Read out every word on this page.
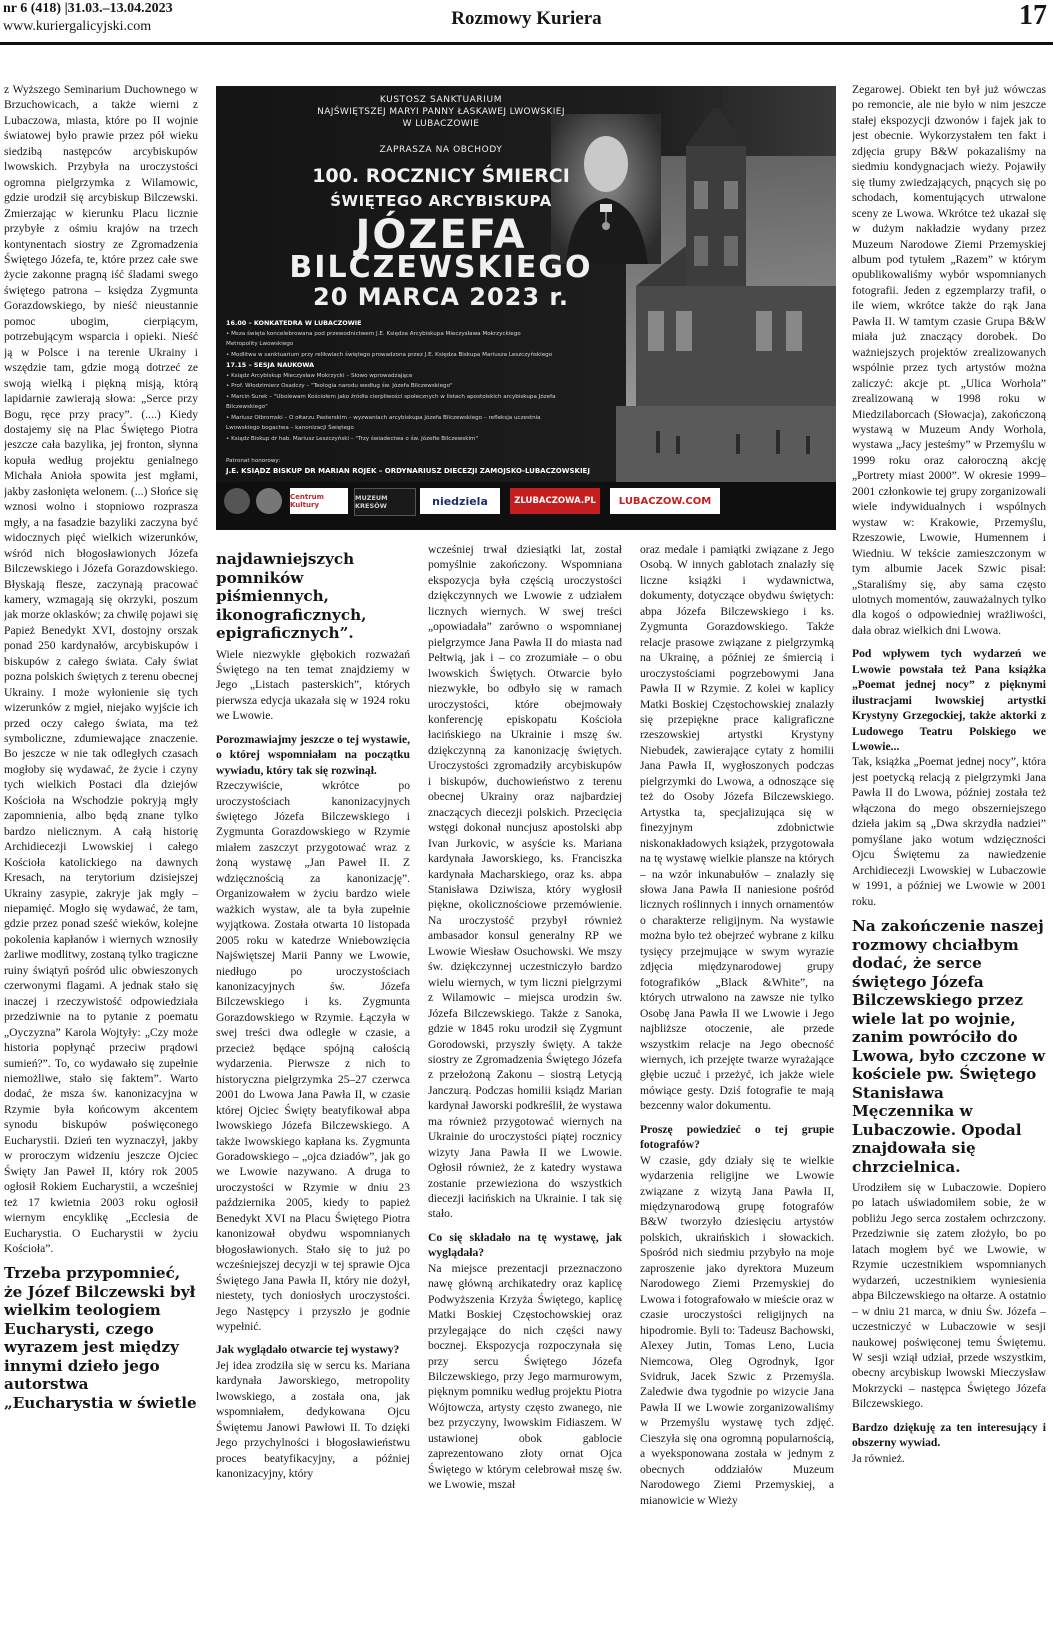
nr 6 (418) |31.03.–13.04.2023
www.kuriergalicyjski.com	Rozmowy Kuriera	17
KUSTOSZ SANKTUARIUM
NAJŚWIĘTSZEJ MARYI PANNY ŁASKAWEJ LWOWSKIEJ
W LUBACZOWIE
ZAPRASZA NA OBCHODY
100. ROCZNICY ŚMIERCI
ŚWIĘTEGO ARCYBISKUPA
JÓZEFA
BILCZEWSKIEGO
20 MARCA 2023 r.
16.00 – KONKATEDRA W LUBACZOWIE
• Msza święta koncelebrowana pod przewodnictwem J.E. Księdza Arcybiskupa Mieczysława Mokrzyckiego
Metropolity Lwowskiego
• Modlitwa w sanktuarium przy relikwiach świętego prowadzona przez J.E. Księdza Biskupa Mariusza Leszczyńskiego
17.15 – SESJA NAUKOWA
• Ksiądz Arcybiskup Mieczysław Mokrzycki – Słowo wprowadzające
• Prof. Włodzimierz Osadczy – "Teologia narodu według św. Józefa Bilczewskiego"
• Marcin Surek – "Ubolewam Kościołem jako źródła cierpliwości społecznych w listach apostolskich arcybiskupa Józefa
Bilczewskiego"
• Mariusz Olbromski – O ołtarzu Pasterskim – wyzwaniach arcybiskupa Józefa Bilczewskiego – refleksja uczestnia
Lwowskiego bogactwa – kanonizacji Świętego
• Ksiądz Biskup dr hab. Mariusz Leszczyński – "Trzy świadectwa o św. Józefie Bilczewskim"
Patronat honorowy:
J.E. KSIĄDZ BISKUP DR MARIAN ROJEK – ORDYNARIUSZ DIECEZJI ZAMOJSKO-LUBACZOWSKIEJ
Centrum Kultury
MUZEUM KRESÓW	niedziela	ZLUBACZOWA.PL	LUBACZOW.COM

z Wyższego Seminarium Duchownego w Brzuchowicach, a także wierni z Lubaczowa, miasta, które po II wojnie światowej było prawie przez pół wieku siedzibą następców arcybiskupów lwowskich. Przybyła na uroczystości ogromna pielgrzymka z Wilamowic, gdzie urodził się arcybiskup Bilczewski. Zmierzając w kierunku Placu licznie przybyłe z ośmiu krajów na trzech kontynentach siostry ze Zgromadzenia Świętego Józefa, te, które przez całe swe życie zakonne pragną iść śladami swego świętego patrona – księdza Zygmunta Gorazdowskiego, by nieść nieustannie pomoc ubogim, cierpiącym, potrzebującym wsparcia i opieki. Nieść ją w Polsce i na terenie Ukrainy i wszędzie tam, gdzie mogą dotrzeć ze swoją wielką i piękną misją, którą lapidarnie zawierają słowa: „Serce przy Bogu, ręce przy pracy”. (....) Kiedy dostajemy się na Plac Świętego Piotra jeszcze cała bazylika, jej fronton, słynna kopuła według projektu genialnego Michała Anioła spowita jest mgłami, jakby zasłonięta welonem. (...) Słońce się wznosi wolno i stopniowo rozprasza mgły, a na fasadzie bazyliki zaczyna być widocznych pięć wielkich wizerunków, wśród nich błogosławionych Józefa Bilczewskiego i Józefa Gorazdowskiego. Błyskają flesze, zaczynają pracować kamery, wzmagają się okrzyki, poszum jak morze oklasków; za chwilę pojawi się Papież Benedykt XVI, dostojny orszak ponad 250 kardynałów, arcybiskupów i biskupów z całego świata. Cały świat pozna polskich świętych z terenu obecnej Ukrainy. I może wyłonienie się tych wizerunków z mgieł, niejako wyjście ich przed oczy całego świata, ma też symboliczne, zdumiewające znaczenie. Bo jeszcze w nie tak odległych czasach mogłoby się wydawać, że życie i czyny tych wielkich Postaci dla dziejów Kościoła na Wschodzie pokryją mgły zapomnienia, albo będą znane tylko bardzo nielicznym. A całą historię Archidiecezji Lwowskiej i całego Kościoła katolickiego na dawnych Kresach, na terytorium dzisiejszej Ukrainy zasypie, zakryje jak mgły – niepamięć. Mogło się wydawać, że tam, gdzie przez ponad sześć wieków, kolejne pokolenia kapłanów i wiernych wznosiły żarliwe modlitwy, zostaną tylko tragiczne ruiny świątyń pośród ulic obwieszonych czerwonymi flagami. A jednak stało się inaczej i rzeczywistość odpowiedziała przedziwnie na to pytanie z poematu „Oyczyzna” Karola Wojtyły: „Czy może historia popłynąć przeciw prądowi sumień?”. To, co wydawało się zupełnie niemożliwe, stało się faktem”. Warto dodać, że msza św. kanonizacyjna w Rzymie była końcowym akcentem synodu biskupów poświęconego Eucharystii. Dzień ten wyznaczył, jakby w proroczym widzeniu jeszcze Ojciec Święty Jan Paweł II, który rok 2005 ogłosił Rokiem Eucharystii, a wcześniej też 17 kwietnia 2003 roku ogłosił wiernym encyklikę „Ecclesia de Eucharystia. O Eucharystii w życiu Kościoła”.

Trzeba przypomnieć, że Józef Bilczewski był wielkim teologiem Eucharysti, czego wyrazem jest między innymi dzieło jego autorstwa „Eucharystia w świetle

najdawniejszych pomników piśmiennych, ikonograficznych, epigraficznych”.

Wiele niezwykle głębokich rozważań Świętego na ten temat znajdziemy w Jego „Listach pasterskich”, których pierwsza edycja ukazała się w 1924 roku we Lwowie.

Porozmawiajmy jeszcze o tej wystawie, o której wspomniałam na początku wywiadu, który tak się rozwinął.

Rzeczywiście, wkrótce po uroczystościach kanonizacyjnych świętego Józefa Bilczewskiego i Zygmunta Gorazdowskiego w Rzymie miałem zaszczyt przygotować wraz z żoną wystawę „Jan Paweł II. Z wdzięcznością za kanonizację”. Organizowałem w życiu bardzo wiele ważkich wystaw, ale ta była zupełnie wyjątkowa. Została otwarta 10 listopada 2005 roku w katedrze Wniebowzięcia Najświętszej Marii Panny we Lwowie, niedługo po uroczystościach kanonizacyjnych św. Józefa Bilczewskiego i ks. Zygmunta Gorazdowskiego w Rzymie. Łączyła w swej treści dwa odległe w czasie, a przecież będące spójną całością wydarzenia. Pierwsze z nich to historyczna pielgrzymka 25–27 czerwca 2001 do Lwowa Jana Pawła II, w czasie której Ojciec Święty beatyfikował abpa lwowskiego Józefa Bilczewskiego. A także lwowskiego kapłana ks. Zygmunta Goradowskiego – „ojca dziadów”, jak go we Lwowie nazywano. A druga to uroczystości w Rzymie w dniu 23 października 2005, kiedy to papież Benedykt XVI na Placu Świętego Piotra kanonizował obydwu wspomnianych błogosławionych. Stało się to już po wcześniejszej decyzji w tej sprawie Ojca Świętego Jana Pawła II, który nie dożył, niestety, tych doniosłych uroczystości. Jego Następcy i przyszło je godnie wypełnić.

Jak wyglądało otwarcie tej wystawy?

Jej idea zrodziła się w sercu ks. Mariana kardynała Jaworskiego, metropolity lwowskiego, a została ona, jak wspomniałem, dedykowana Ojcu Świętemu Janowi Pawłowi II. To dzięki Jego przychylności i błogosławieństwu proces beatyfikacyjny, a później kanonizacyjny, który

wcześniej trwał dziesiątki lat, został pomyślnie zakończony. Wspomniana ekspozycja była częścią uroczystości dziękczynnych we Lwowie z udziałem licznych wiernych. W swej treści „opowiadała” zarówno o wspomnianej pielgrzymce Jana Pawła II do miasta nad Pełtwią, jak i – co zrozumiałe – o obu lwowskich Świętych. Otwarcie było niezwykłe, bo odbyło się w ramach uroczystości, które obejmowały konferencję episkopatu Kościoła łacińskiego na Ukrainie i mszę św. dziękczynną za kanonizację świętych. Uroczystości zgromadziły arcybiskupów i biskupów, duchowieństwo z terenu obecnej Ukrainy oraz najbardziej znaczących diecezji polskich. Przecięcia wstęgi dokonał nuncjusz apostolski abp Ivan Jurkovic, w asyście ks. Mariana kardynała Jaworskiego, ks. Franciszka kardynała Macharskiego, oraz ks. abpa Stanisława Dziwisza, który wygłosił piękne, okolicznościowe przemówienie. Na uroczystość przybył również ambasador konsul generalny RP we Lwowie Wiesław Osuchowski. We mszy św. dziękczynnej uczestniczyło bardzo wielu wiernych, w tym liczni pielgrzymi z Wilamowic – miejsca urodzin św. Józefa Bilczewskiego. Także z Sanoka, gdzie w 1845 roku urodził się Zygmunt Gorodowski, przyszły święty. A także siostry ze Zgromadzenia Świętego Józefa z przełożoną Zakonu – siostrą Letycją Janczurą. Podczas homilii ksiądz Marian kardynał Jaworski podkreślił, że wystawa ma również przygotować wiernych na Ukrainie do uroczystości piątej rocznicy wizyty Jana Pawła II we Lwowie. Ogłosił również, że z katedry wystawa zostanie przewieziona do wszystkich diecezji łacińskich na Ukrainie. I tak się stało.

Co się składało na tę wystawę, jak wyglądała?

Na miejsce prezentacji przeznaczono nawę główną archikatedry oraz kaplicę Podwyższenia Krzyża Świętego, kaplicę Matki Boskiej Częstochowskiej oraz przylegające do nich części nawy bocznej. Ekspozycja rozpoczynała się przy sercu Świętego Józefa Bilczewskiego, przy Jego marmurowym, pięknym pomniku według projektu Piotra Wójtowcza, artysty często zwanego, nie bez przyczyny, lwowskim Fidiaszem. W ustawionej obok gablocie zaprezentowano złoty ornat Ojca Świętego w którym celebrował mszę św. we Lwowie, mszał

oraz medale i pamiątki związane z Jego Osobą. W innych gablotach znalazły się liczne książki i wydawnictwa, dokumenty, dotyczące obydwu świętych: abpa Józefa Bilczewskiego i ks. Zygmunta Gorazdowskiego. Także relacje prasowe związane z pielgrzymką na Ukrainę, a później ze śmiercią i uroczystościami pogrzebowymi Jana Pawła II w Rzymie. Z kolei w kaplicy Matki Boskiej Częstochowskiej znalazły się przepiękne prace kaligraficzne rzeszowskiej artystki Krystyny Niebudek, zawierające cytaty z homilii Jana Pawła II, wygłoszonych podczas pielgrzymki do Lwowa, a odnoszące się też do Osoby Józefa Bilczewskiego. Artystka ta, specjalizująca się w finezyjnym zdobnictwie niskonakładowych książek, przygotowała na tę wystawę wielkie plansze na których – na wzór inkunabułów – znalazły się słowa Jana Pawła II naniesione pośród licznych roślinnych i innych ornamentów o charakterze religijnym. Na wystawie można było też obejrzeć wybrane z kilku tysięcy przejmujące w swym wyrazie zdjęcia międzynarodowej grupy fotografików „Black &White”, na których utrwalono na zawsze nie tylko Osobę Jana Pawła II we Lwowie i Jego najbliższe otoczenie, ale przede wszystkim relacje na Jego obecność wiernych, ich przejęte twarze wyrażające głębie uczuć i przeżyć, ich jakże wiele mówiące gesty. Dziś fotografie te mają bezcenny walor dokumentu.

Proszę powiedzieć o tej grupie fotografów?

W czasie, gdy działy się te wielkie wydarzenia religijne we Lwowie związane z wizytą Jana Pawła II, międzynarodową grupę fotografów B&W tworzyło dziesięciu artystów polskich, ukraińskich i słowackich. Spośród nich siedmiu przybyło na moje zaproszenie jako dyrektora Muzeum Narodowego Ziemi Przemyskiej do Lwowa i fotografowało w mieście oraz w czasie uroczystości religijnych na hipodromie. Byli to: Tadeusz Bachowski, Alexey Jutin, Tomas Leno, Lucia Niemcowa, Oleg Ogrodnyk, Igor Svidruk, Jacek Szwic z Przemyśla. Zaledwie dwa tygodnie po wizycie Jana Pawła II we Lwowie zorganizowaliśmy w Przemyślu wystawę tych zdjęć. Cieszyła się ona ogromną popularnością, a wyeksponowana została w jednym z obecnych oddziałów Muzeum Narodowego Ziemi Przemyskiej, a mianowicie w Wieży

Zegarowej. Obiekt ten był już wówczas po remoncie, ale nie było w nim jeszcze stałej ekspozycji dzwonów i fajek jak to jest obecnie. Wykorzystałem ten fakt i zdjęcia grupy B&W pokazaliśmy na siedmiu kondygnacjach wieży. Pojawiły się tłumy zwiedzających, pnących się po schodach, komentujących utrwalone sceny ze Lwowa. Wkrótce też ukazał się w dużym nakładzie wydany przez Muzeum Narodowe Ziemi Przemyskiej album pod tytułem „Razem” w którym opublikowaliśmy wybór wspomnianych fotografii. Jeden z egzemplarzy trafił, o ile wiem, wkrótce także do rąk Jana Pawła II. W tamtym czasie Grupa B&W miała już znaczący dorobek. Do ważniejszych projektów zrealizowanych wspólnie przez tych artystów można zaliczyć: akcje pt. „Ulica Worhola” zrealizowaną w 1998 roku w Miedzilaborcach (Słowacja), zakończoną wystawą w Muzeum Andy Worhola, wystawa „Jacy jesteśmy” w Przemyślu w 1999 roku oraz całoroczną akcję „Portrety miast 2000”. W okresie 1999–2001 członkowie tej grupy zorganizowali wiele indywidualnych i wspólnych wystaw w: Krakowie, Przemyślu, Rzeszowie, Lwowie, Humennem i Wiedniu. W tekście zamieszczonym w tym albumie Jacek Szwic pisał: „Staraliśmy się, aby sama często ulotnych momentów, zauważalnych tylko dla kogoś o odpowiedniej wrażliwości, dała obraz wielkich dni Lwowa.

Pod wpływem tych wydarzeń we Lwowie powstała też Pana książka „Poemat jednej nocy” z pięknymi ilustracjami lwowskiej artystki Krystyny Grzegockiej, także aktorki z Ludowego Teatru Polskiego we Lwowie...

Tak, książka „Poemat jednej nocy”, która jest poetycką relacją z pielgrzymki Jana Pawła II do Lwowa, później została też włączona do mego obszerniejszego dzieła jakim są „Dwa skrzydła nadziei” pomyślane jako wotum wdzięczności Ojcu Świętemu za nawiedzenie Archidiecezji Lwowskiej w Lubaczowie w 1991, a później we Lwowie w 2001 roku.

Na zakończenie naszej rozmowy chciałbym dodać, że serce świętego Józefa Bilczewskiego przez wiele lat po wojnie, zanim powróciło do Lwowa, było czczone w kościele pw. Świętego Stanisława Męczennika w Lubaczowie. Opodal znajdowała się chrzcielnica.

Urodziłem się w Lubaczowie. Dopiero po latach uświadomiłem sobie, że w pobliżu Jego serca zostałem ochrzczony. Przedziwnie się zatem złożyło, bo po latach mogłem być we Lwowie, w Rzymie uczestnikiem wspomnianych wydarzeń, uczestnikiem wyniesienia abpa Bilczewskiego na ołtarze. A ostatnio – w dniu 21 marca, w dniu Św. Józefa – uczestniczyć w Lubaczowie w sesji naukowej poświęconej temu Świętemu. W sesji wziął udział, przede wszystkim, obecny arcybiskup lwowski Mieczysław Mokrzycki – następca Świętego Józefa Bilczewskiego.

Bardzo dziękuję za ten interesujący i obszerny wywiad.

Ja również.
